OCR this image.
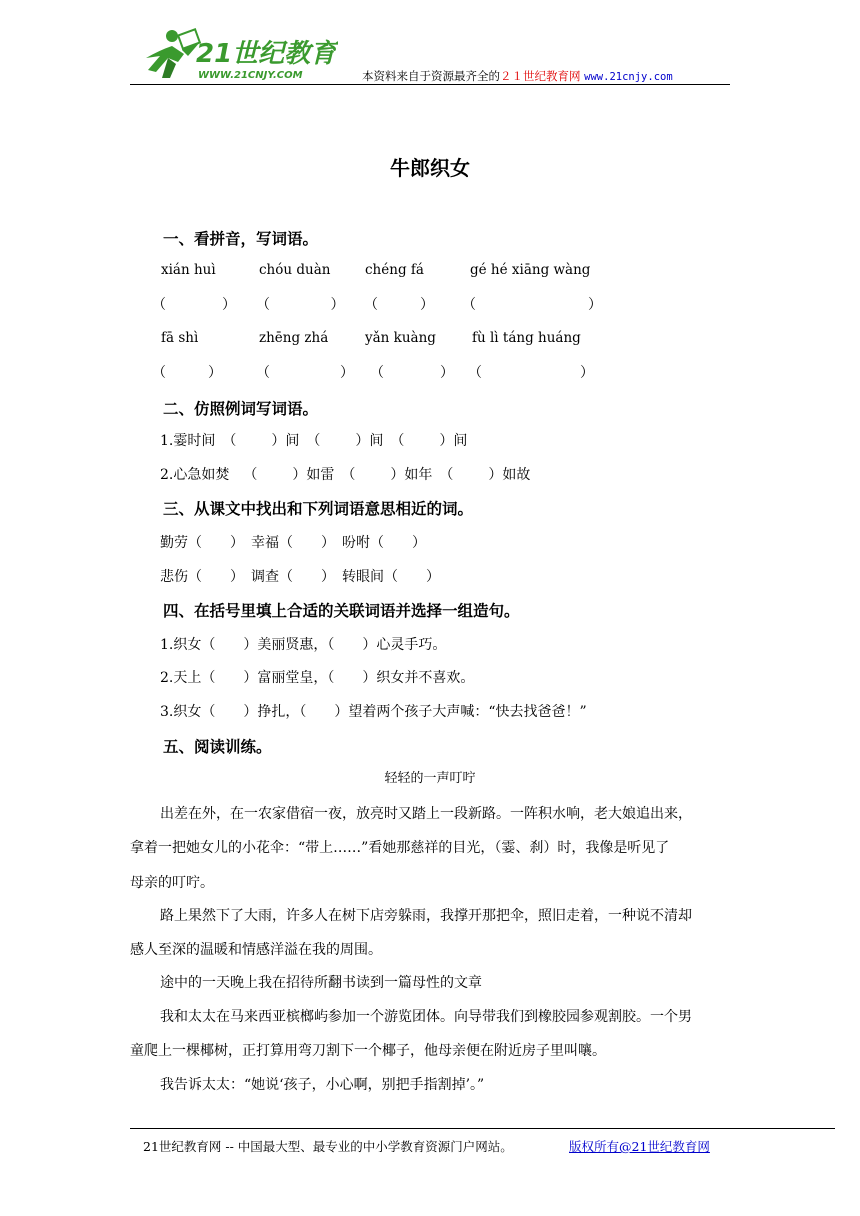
21世纪教育
WWW.21CNJY.COM	本资料来自于资源最齐全的２１世纪教育网 www.21cnjy.com
牛郎织女
一、看拼音，写词语。
xián huì	chóu duàn	chéng fá	gé hé xiāng wàng
（    ） （     ） （   ） （        ）
fā shì	zhēng zhá	yǎn kuàng	fù lì táng huáng
（   ） （     ） （    ） （       ）
二、仿照例词写词语。
1.霎时间 （   ）间 （   ）间 （   ）间
2.心急如焚 （   ）如雷 （   ）如年 （   ）如故
三、从课文中找出和下列词语意思相近的词。
勤劳（  ） 幸福（  ） 吩咐（  ）
悲伤（  ） 调查（  ） 转眼间（  ）
四、在括号里填上合适的关联词语并选择一组造句。
1.织女（  ）美丽贤惠，（  ）心灵手巧。
2.天上（  ）富丽堂皇，（  ）织女并不喜欢。
3.织女（  ）挣扎，（  ）望着两个孩子大声喊：“快去找爸爸！”
五、阅读训练。
轻轻的一声叮咛
出差在外，在一农家借宿一夜，放亮时又踏上一段新路。一阵积水响，老大娘追出来，
拿着一把她女儿的小花伞：“带上……”看她那慈祥的目光，（霎、刹）时，我像是听见了
母亲的叮咛。
路上果然下了大雨，许多人在树下店旁躲雨，我撑开那把伞，照旧走着，一种说不清却
感人至深的温暖和情感洋溢在我的周围。
途中的一天晚上我在招待所翻书读到一篇母性的文章
我和太太在马来西亚槟榔屿参加一个游览团体。向导带我们到橡胶园参观割胶。一个男
童爬上一棵椰树，正打算用弯刀割下一个椰子，他母亲便在附近房子里叫嚷。
我告诉太太：“她说‘孩子，小心啊，别把手指割掉’。”
21世纪教育网 -- 中国最大型、最专业的中小学教育资源门户网站。	版权所有@21世纪教育网
